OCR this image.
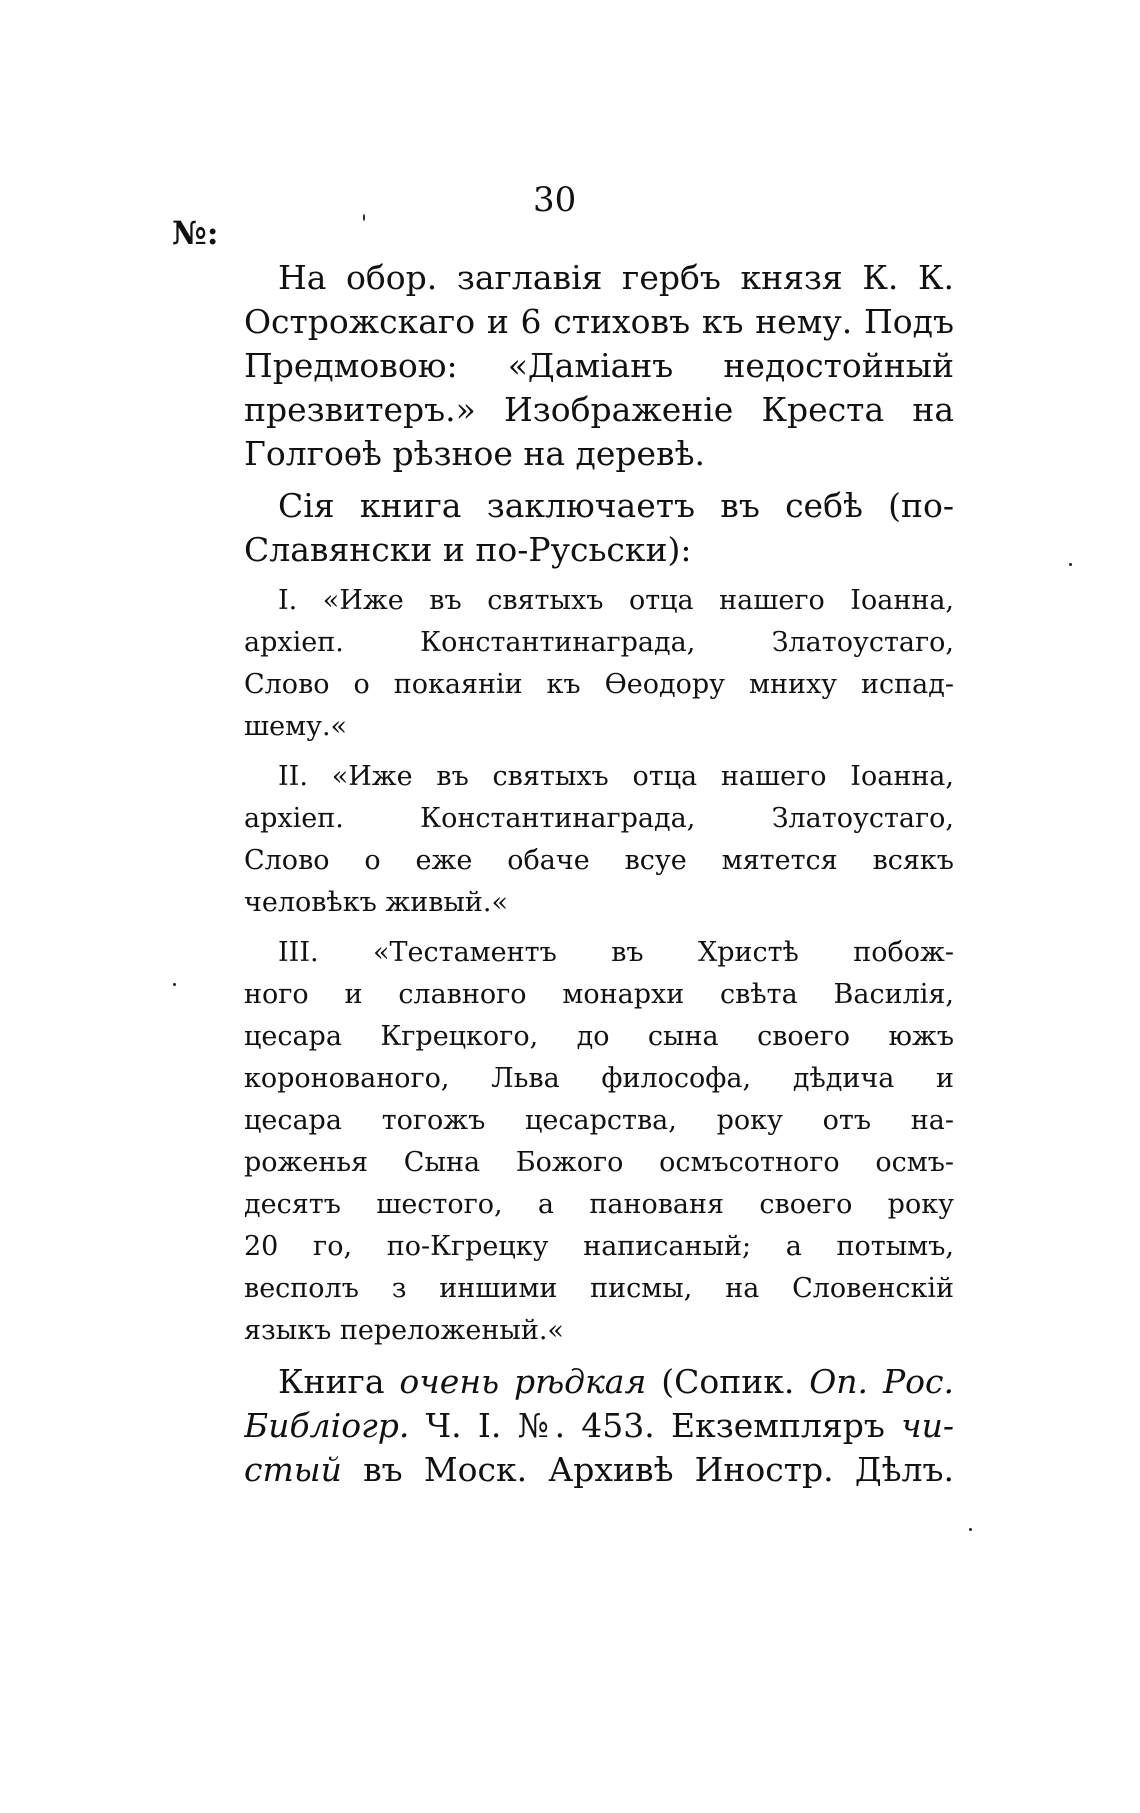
30
№:
На обор. заглавія гербъ князя К. К.
Острожскаго и 6 стиховъ къ нему. Подъ
Предмовою: «Даміанъ недостойный
презвитеръ.» Изображеніе Креста на
Голгоѳѣ рѣзное на деревѣ.
Сія книга заключаетъ въ себѣ (по-
Славянски и по-Русьски):
I. «Иже въ святыхъ отца нашего Іоанна,
архіеп. Константинаграда, Златоустаго,
Слово о покаяніи къ Ѳеодору мниху испад-
шему.«
II. «Иже въ святыхъ отца нашего Іоанна,
архіеп. Константинаграда, Златоустаго,
Слово о еже обаче всуе мятется всякъ
человѣкъ живый.«
III. «Тестаментъ въ Христѣ побож-
ного и славного монархи свѣта Василія,
цесара Кгрецкого, до сына своего южъ
коронованого, Льва философа, дѣдича и
цесара тогожъ цесарства, року отъ на-
роженья Сына Божого осмъсотного осмъ-
десятъ шестого, а панованя своего року
20 го, по-Кгрецку написаный; а потымъ,
весполъ з иншими писмы, на Словенскій
языкъ переложеный.«
Книга очень рѣдкая (Сопик. Оп. Рос.
Библіогр. Ч. I. №. 453. Екземпляръ чи-
стый въ Моск. Архивѣ Иностр. Дѣлъ.
